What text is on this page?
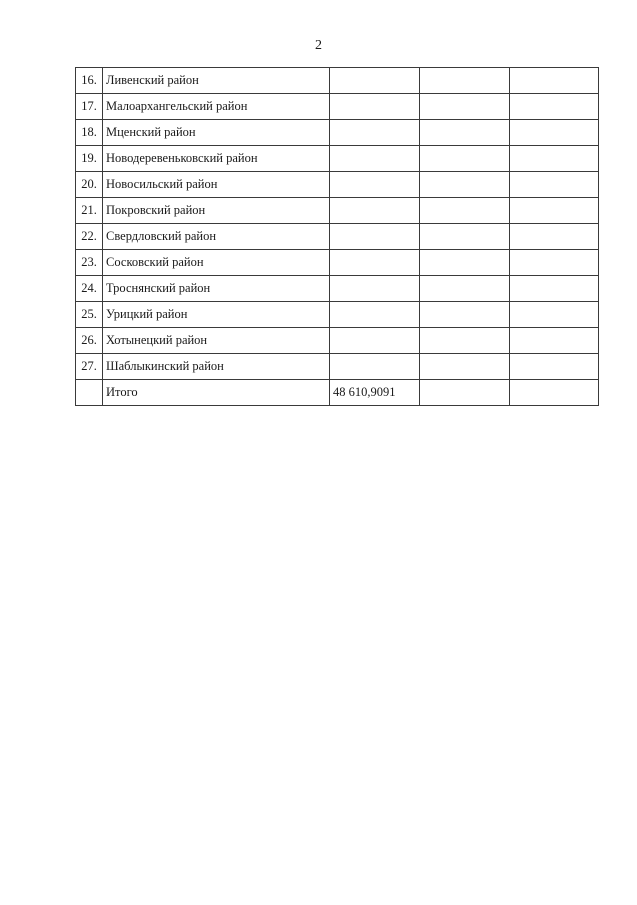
2
16.	Ливенский район			
17.	Малоархангельский район			
18.	Мценский район			
19.	Новодеревеньковский район			
20.	Новосильский район			
21.	Покровский район			
22.	Свердловский район			
23.	Сосковский район			
24.	Троснянский район			
25.	Урицкий район			
26.	Хотынецкий район			
27.	Шаблыкинский район			
	Итого	48 610,9091		
